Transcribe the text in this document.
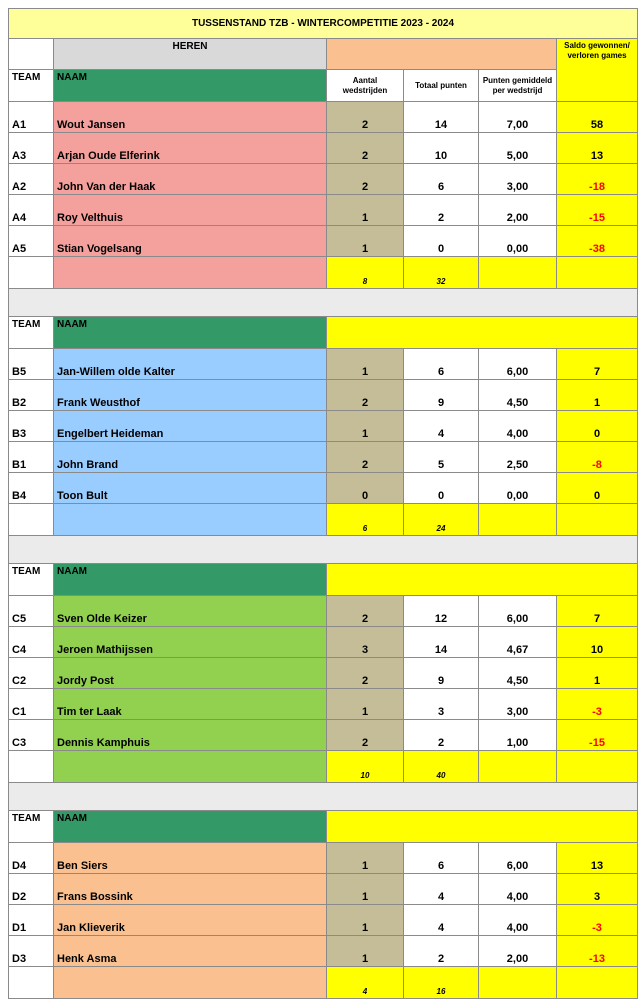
TUSSENSTAND TZB - WINTERCOMPETITIE 2023 - 2024					
	HEREN				Saldo gewonnen/ verloren games
TEAM	NAAM	Aantal wedstrijden	Totaal punten	Punten gemiddeld per wedstrijd	
A1	Wout Jansen	2	14	7,00	58
A3	Arjan Oude Elferink	2	10	5,00	13
A2	John Van der Haak	2	6	3,00	-18
A4	Roy Velthuis	1	2	2,00	-15
A5	Stian Vogelsang	1	0	0,00	-38
		8	32		

TEAM	NAAM				
B5	Jan-Willem olde Kalter	1	6	6,00	7
B2	Frank Weusthof	2	9	4,50	1
B3	Engelbert Heideman	1	4	4,00	0
B1	John Brand	2	5	2,50	-8
B4	Toon Bult	0	0	0,00	0
		6	24		

TEAM	NAAM				
C5	Sven Olde Keizer	2	12	6,00	7
C4	Jeroen Mathijssen	3	14	4,67	10
C2	Jordy Post	2	9	4,50	1
C1	Tim ter Laak	1	3	3,00	-3
C3	Dennis Kamphuis	2	2	1,00	-15
		10	40		

TEAM	NAAM				
D4	Ben Siers	1	6	6,00	13
D2	Frans Bossink	1	4	4,00	3
D1	Jan Klieverik	1	4	4,00	-3
D3	Henk Asma	1	2	2,00	-13
		4	16		
